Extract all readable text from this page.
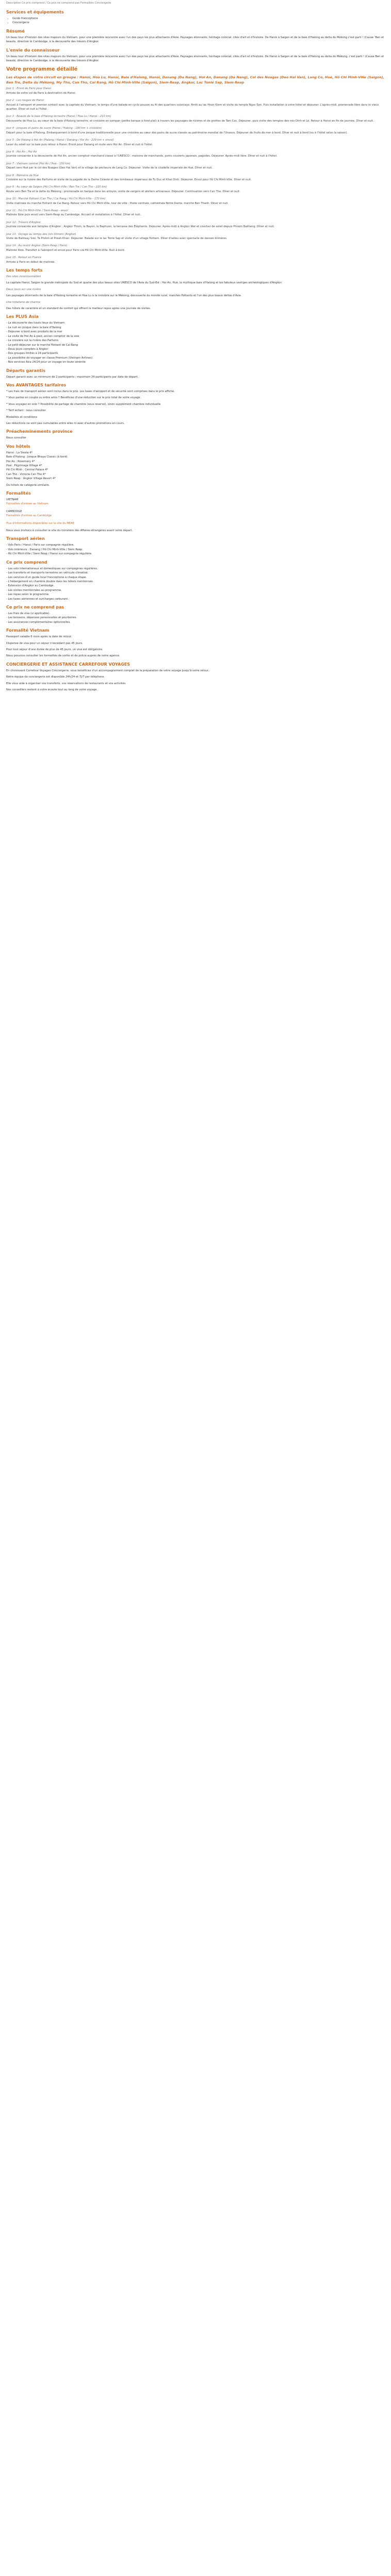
Description Ce prix comprend / Ce prix ne comprend pas Formalités Conciergerie
Services et équipements
• Guide francophone
• Conciergerie
Résumé

Un beau tour d'horizon des sites majeurs du Vietnam, pour une première rencontre avec l'un des pays les plus attachants d'Asie. Paysages étonnants, héritage colonial, cités d'art et d'histoire. De Hanoi à Saigon et de la baie d'Halong au delta du Mékong c'est parti ! (Cause ‘Ben et beaute, direction le Cambodge, à la découverte des trésors d'Angkor.

L'envie du connaisseur

Un beau tour d'horizon des sites majeurs du Vietnam, pour une première rencontre avec l'un des pays les plus attachants d'Asie. Paysages étonnants, héritage colonial, cités d'art et d'histoire. De Hanoi à Saigon et de la baie d'Halong au delta du Mékong, c'est parti ! (Cause Ben et beauté, direction le Cambodge, à la découverte des trésors d'Angkor.

Votre programme détaillé
Les étapes de votre circuit en groupe : Hanoï, Hoa Lu, Hanoï, Baie d'Halong, Hanoï, Danang (Da Nang), Hoi An, Danang (Da Nang), Col des Nuages (Deo Hai Van), Lang Co, Hué, Hô Chi Minh-Ville (Saigon), Ben Tre, Delta du Mékong, My Tho, Can Tho, Cai Rang, Hô Chi Minh-Ville (Saigon), Siem-Reap, Angkor, Lac Tonlé Sap, Siem-Reap
Jour 1 : Envol de Paris pour Hanoi
Arrivée de votre vol de Paris à destination de Hanoi.
Jour 2 : Les rouges de Hanoi
Accueil à l'aéroport et premier contact avec la capitale du Vietnam, le temps d'une balade en cyclo pousse au fil des quartiers coloniaux. Arrêt au lac Hoan Kiem et visite du temple Ngoc Son. Puis installation à votre hôtel et déjeuner. L'après-midi, promenade libre dans le vieux quartier. Dîner et nuit à l'hôtel.
Jour 3 : Beauté de la baie d'Halong terrestre (Hanoi / Hoa Lu / Hanoi - 210 km)
Découverte de Hoa Lu, au cœur de la baie d'Halong terrestre, et croisière en sampan (petite barque à fond plat) à travers les paysages de rizières et de grottes de Tam Coc. Déjeuner, puis visite des temples des rois Dinh et Lê. Retour à Hanoi en fin de journée. Dîner et nuit.
Jour 4 : Jonques et pains de sucre (Hanoi / Halong - 190 km + croisière)
Départ pour la baie d'Halong. Embarquement à bord d'une jonque traditionnelle pour une croisière au cœur des pains de sucre classés au patrimoine mondial de l'Unesco. Déjeuner de fruits de mer à bord. Dîner et nuit à bord (ou à l'hôtel selon la saison).
Jour 5 : De Halong à Hoi An (Halong / Hanoi / Danang / Hoi An - 220 km + envol)
Lever du soleil sur la baie puis retour à Hanoi. Envol pour Danang et route vers Hoi An. Dîner et nuit à l'hôtel.
Jour 6 : Hoi An : Hoi An
Journée consacrée à la découverte de Hoi An, ancien comptoir marchand classé à l'UNESCO : maisons de marchands, ponts couverts japonais, pagodes. Déjeuner. Après-midi libre. Dîner et nuit à l'hôtel.
Jour 7 : Vietnam central (Hoi An / Hué - 150 km)
Départ vers Hué par le col des Nuages (Deo Hai Van) et le village de pêcheurs de Lang Co. Déjeuner. Visite de la citadelle impériale de Hué. Dîner et nuit.
Jour 8 : Mémoire de Hué
Croisière sur la rivière des Parfums et visite de la pagode de la Dame Céleste et des tombeaux impériaux de Tu Duc et Khai Dinh. Déjeuner. Envol pour Hô Chi Minh-Ville. Dîner et nuit.
Jour 9 : Au cœur de Saigon (Hô Chi Minh-Ville / Ben Tre / Can Tho - 220 km)
Route vers Ben Tre et le delta du Mékong : promenade en barque dans les arroyos, visite de vergers et ateliers artisanaux. Déjeuner. Continuation vers Can Tho. Dîner et nuit.
Jour 10 : Marché flottant (Can Tho / Cai Rang / Hô Chi Minh-Ville - 170 km)
Visite matinale du marché flottant de Cai Rang. Retour vers Hô Chi Minh-Ville, tour de ville : Poste centrale, cathédrale Notre-Dame, marché Ben Thanh. Dîner et nuit.
Jour 11 : Hô Chi Minh-Ville / Siem-Reap - envol
Matinée libre puis envol vers Siem-Reap au Cambodge. Accueil et installation à l'hôtel. Dîner et nuit.
Jour 12 : Trésors d'Angkor
Journée consacrée aux temples d'Angkor : Angkor Thom, le Bayon, le Baphuon, la terrasse des Éléphants. Déjeuner. Après-midi à Angkor Wat et coucher de soleil depuis Phnom Bakheng. Dîner et nuit.
Jour 13 : Voyage au temps des rois khmers (Angkor)
Visite de Banteay Srei, Ta Prohm et Preah Khan. Déjeuner. Balade sur le lac Tonlé Sap et visite d'un village flottant. Dîner d'adieu avec spectacle de danses khmères.
Jour 14 : Au revoir Angkor (Siem Reap / Paris)
Matinée libre. Transfert à l'aéroport et envol pour Paris via Hô Chi Minh-Ville. Nuit à bord.
Jour 15 : Retour en France
Arrivée à Paris en début de matinée.
Les temps forts

Des sites incontournables

La capitale Hanoi, Saigon la grande métropole du Sud et quatre des plus beaux sites UNESCO de l'Asie du Sud-Est : Hoi An, Hué, la mythique baie d'Halong et les fabuleux vestiges archéologiques d'Angkor.

Deux jours sur une rivière

Les paysages étonnants de la baie d'Halong terrestre et Hoa Lu à la croisière sur le Mékong, découverte du monde rural, marchés flottants et l'un des plus beaux deltas d'Asie.

Une hôtellerie de charme

Des hôtels de caractère et un standard de confort qui offrent le meilleur repos après une journée de visites.

Les PLUS Asia
- La découverte des hauts lieux du Vietnam
- La nuit en jonque dans la baie d'Halong
- Déjeuner à bord avec produits de la mer
- La visite de Hoi An à pied, ancien comptoir de la soie
- La croisière sur la rivière des Parfums
- Le petit-déjeuner sur le marché flottant de Cai Rang
- Deux jours complets à Angkor
- Des groupes limités à 24 participants
- La possibilité de voyager en classe Premium (Vietnam Airlines)
- Nos services Asia 24/24 pour un voyage en toute sérénité
Départs garantis

Départ garanti avec un minimum de 2 participants ; maximum 24 participants par date de départ.

Vos AVANTAGES tarifaires

* Les frais de transport aérien sont inclus dans le prix. Les taxes d'aéroport et de sécurité sont comprises dans le prix affiché.

* Vous partez en couple ou entre amis ? Bénéficiez d'une réduction sur le prix total de votre voyage.

* Vous voyagez en solo ? Possibilité de partage de chambre (sous réserve), sinon supplément chambre individuelle.

* Tarif enfant : nous consulter.

Modalités et conditions

Les réductions ne sont pas cumulables entre elles ni avec d'autres promotions en cours.

Préacheminements province

Nous consulter

Vos hôtels
Hanoi : La Siesta 4*
Baie d'Halong : Jonque Bhaya Classic (à bord)
Hoi An : Rosemary 4*
Hué : Pilgrimage Village 4*
Hô Chi Minh : Central Palace 4*
Can Tho : Victoria Can Tho 4*
Siem Reap : Angkor Village Resort 4*

Ou hôtels de catégorie similaire.

Formalités
VIETNAM
Formalités d'entrée au Vietnam
CAMBODGE
Formalités d'entrée au Cambodge
Plus d'informations disponibles sur le site du MEAE

Nous vous invitons à consulter le site du ministère des Affaires étrangères avant votre départ.

Transport aérien
- Vols Paris / Hanoi / Paris sur compagnie régulière.
- Vols intérieurs : Danang / Hô Chi Minh-Ville / Siem Reap.
- Hô Chi Minh-Ville / Siem Reap / Hanoi sur compagnie régulière.
Ce prix comprend
- Les vols internationaux et domestiques sur compagnies régulières.
- Les transferts et transports terrestres en véhicule climatisé.
- Les services d'un guide local francophone à chaque étape.
- L'hébergement en chambre double dans les hôtels mentionnés.
- Extension d'Angkor au Cambodge.
- Les visites mentionnées au programme.
- Les repas selon le programme.
- Les taxes aériennes et surcharges carburant.
Ce prix ne comprend pas
- Les frais de visa (si applicable).
- Les boissons, dépenses personnelles et pourboires.
- Les assurances complémentaires optionnelles.
Formalité Vietnam

Passeport valable 6 mois après la date de retour.

Dispense de visa pour un séjour n'excédant pas 45 jours.

Pour tout séjour d'une durée de plus de 45 jours, un visa est obligatoire.

Nous pouvons consulter les formalités de sortie et de police auprès de notre agence.

CONCIERGERIE ET ASSISTANCE CARREFOUR VOYAGES

En choisissant Carrefour Voyages Conciergerie, vous bénéficiez d'un accompagnement complet de la préparation de votre voyage jusqu'à votre retour.

Notre équipe de conciergerie est disponible 24h/24 et 7j/7 par téléphone.

Elle vous aide à organiser vos transferts, vos réservations de restaurants et vos activités.

Nos conseillers restent à votre écoute tout au long de votre voyage.
